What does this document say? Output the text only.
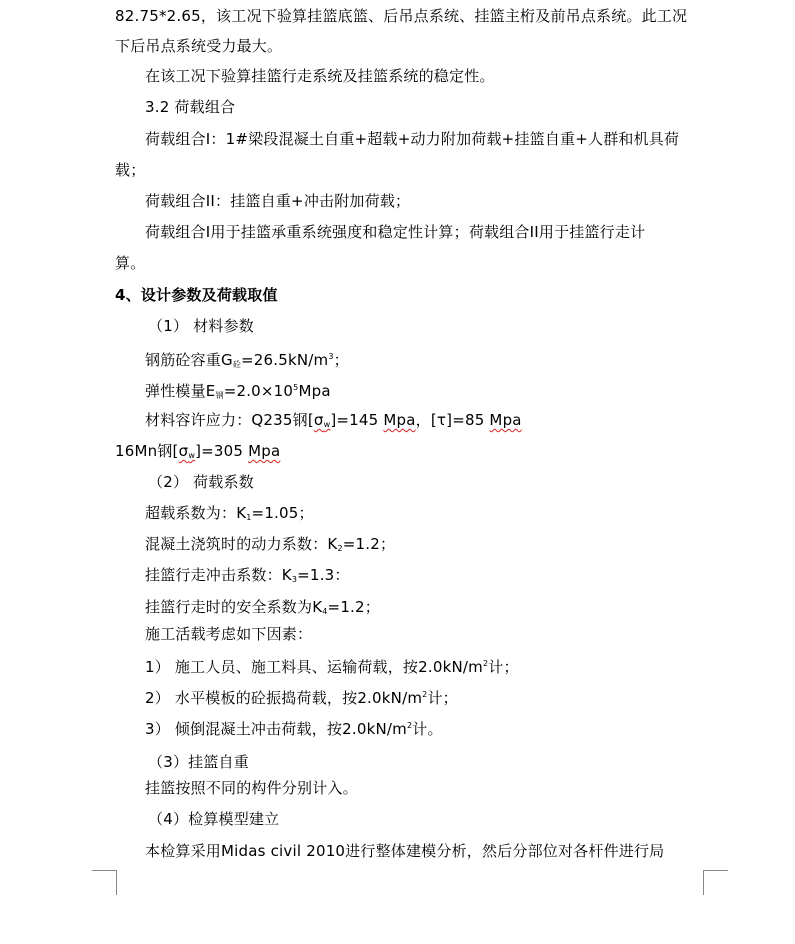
82.75*2.65，该工况下验算挂篮底篮、后吊点系统、挂篮主桁及前吊点系统。此工况
下后吊点系统受力最大。
在该工况下验算挂篮行走系统及挂篮系统的稳定性。
3.2 荷载组合
荷载组合Ⅰ：1#梁段混凝土自重+超载+动力附加荷载+挂篮自重+人群和机具荷
载；
荷载组合II：挂篮自重+冲击附加荷载；
荷载组合Ⅰ用于挂篮承重系统强度和稳定性计算；荷载组合II用于挂篮行走计
算。
4、设计参数及荷载取值
（1） 材料参数
钢筋砼容重$G_砼=26.5kN/m^3$；
弹性模量$E_钢=2.0\times 10^5Mpa$
材料容许应力：Q235钢$[\sigma_w]=145$ Mpa，[τ]=85 Mpa
16Mn钢$[\sigma_w]=305$ Mpa
（2） 荷载系数
超载系数为：$K_1=1.05$；
混凝土浇筑时的动力系数：$K_2=1.2$；
挂篮行走冲击系数：$K_3=1.3$：
挂篮行走时的安全系数为$K_4=1.2$；
施工活载考虑如下因素：
1） 施工人员、施工料具、运输荷载，按$2.0kN/m^2$计；
2） 水平模板的砼振捣荷载，按$2.0kN/m^2$计；
3） 倾倒混凝土冲击荷载，按$2.0kN/m^2$计。
（3）挂篮自重
挂篮按照不同的构件分别计入。
（4）检算模型建立
本检算采用Midas civil 2010进行整体建模分析，然后分部位对各杆件进行局
